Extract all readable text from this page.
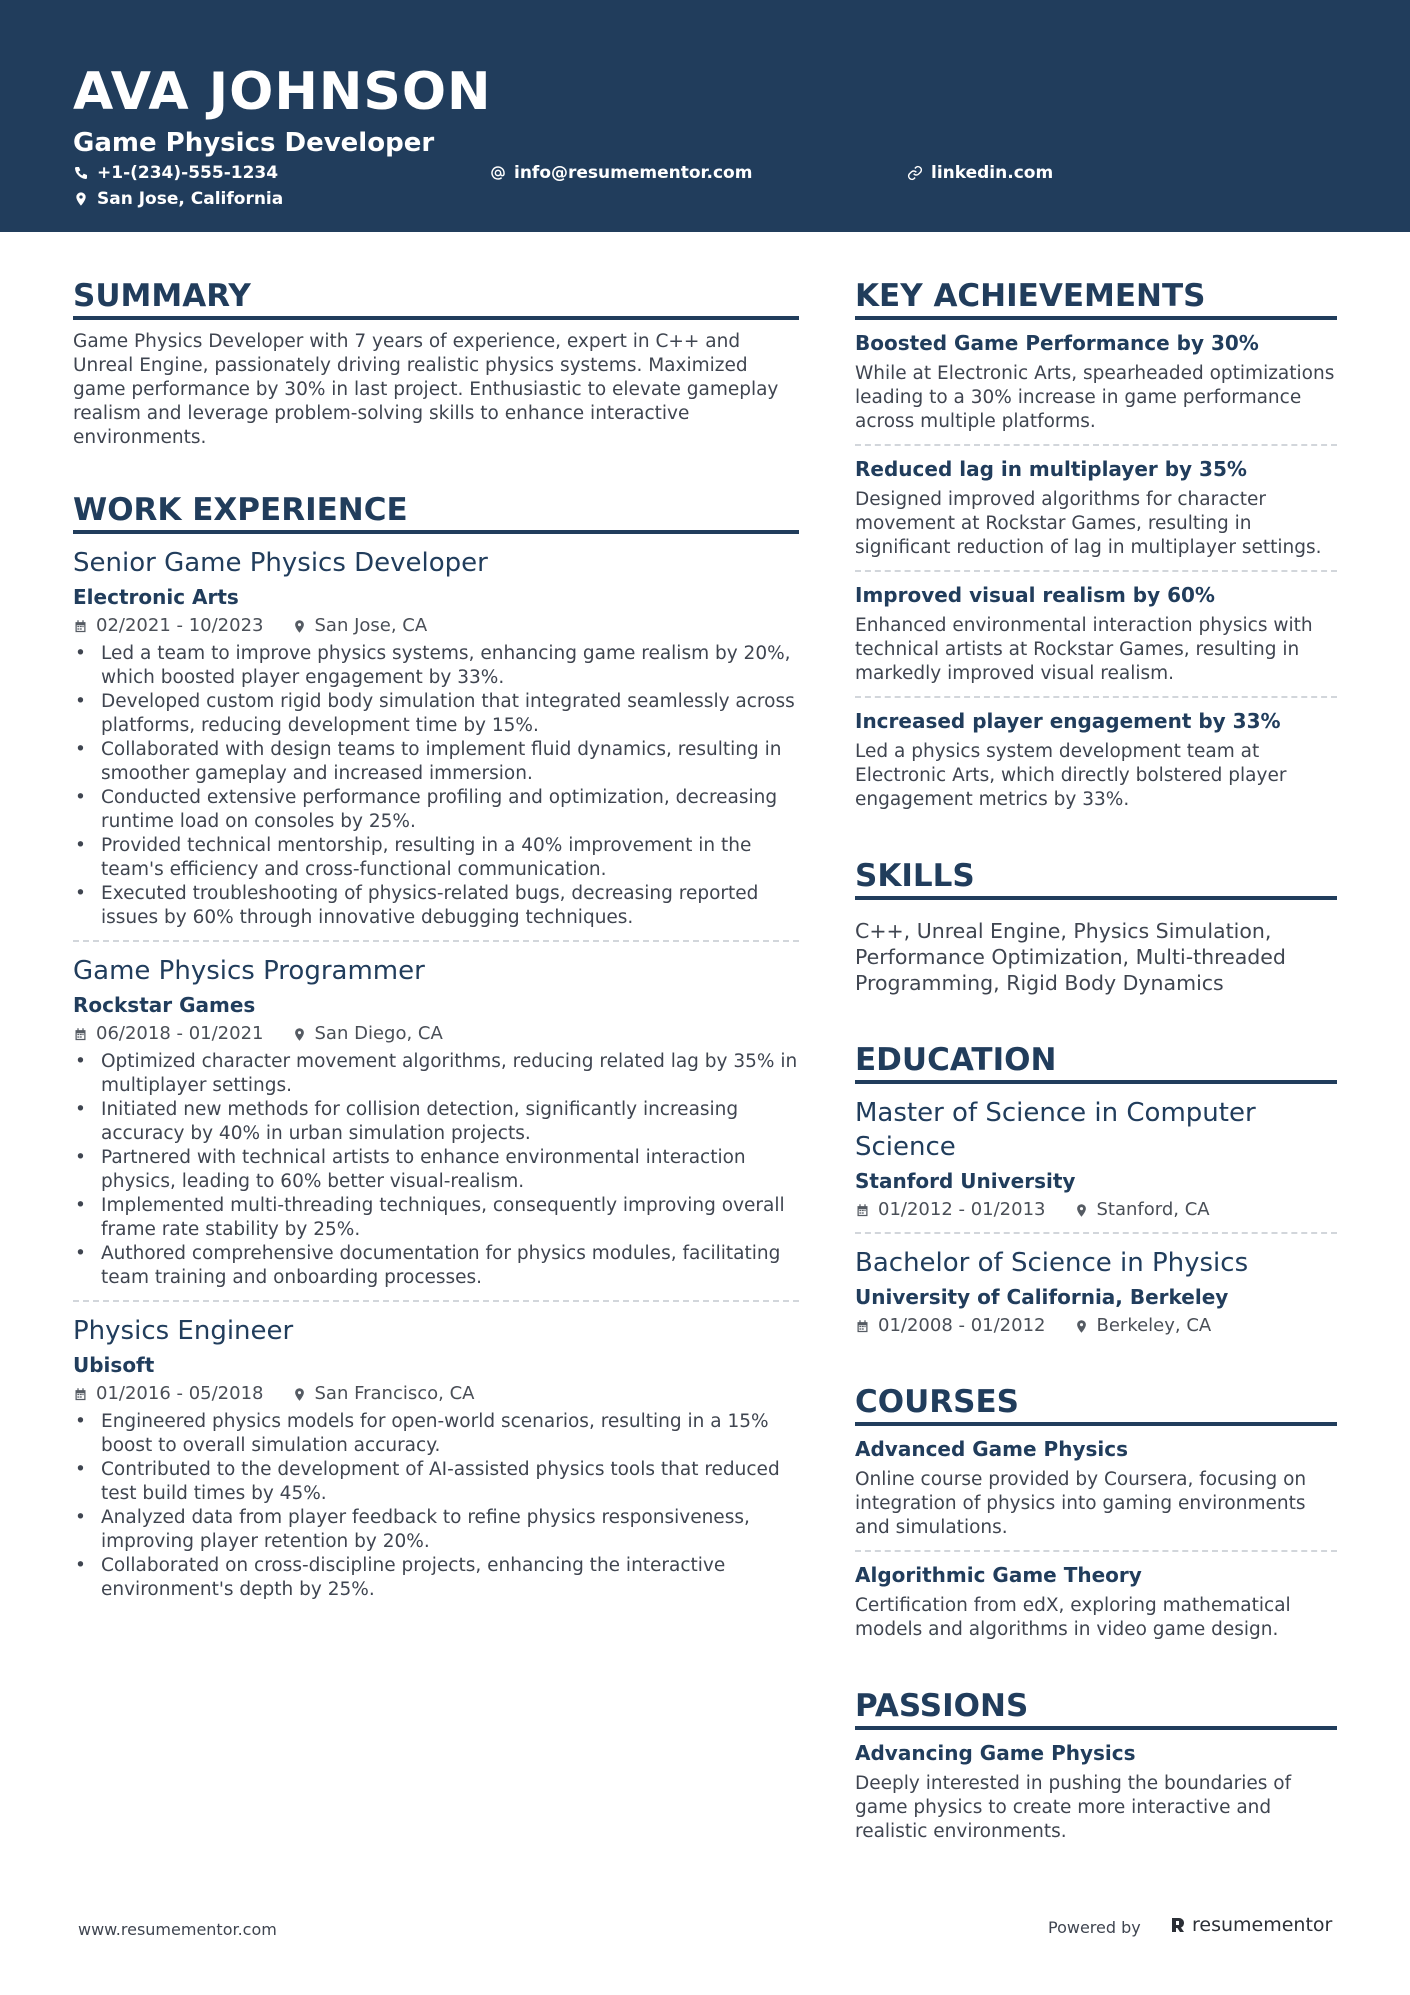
AVA JOHNSON
Game Physics Developer
+1-(234)-555-1234	info@resumementor.com	linkedin.com
San Jose, California
SUMMARY

Game Physics Developer with 7 years of experience, expert in C++ and Unreal Engine, passionately driving realistic physics systems. Maximized game performance by 30% in last project. Enthusiastic to elevate gameplay realism and leverage problem-solving skills to enhance interactive environments.

WORK EXPERIENCE
Senior Game Physics Developer
Electronic Arts
02/2021 - 10/2023	San Jose, CA
• Led a team to improve physics systems, enhancing game realism by 20%, which boosted player engagement by 33%.
• Developed custom rigid body simulation that integrated seamlessly across platforms, reducing development time by 15%.
• Collaborated with design teams to implement fluid dynamics, resulting in smoother gameplay and increased immersion.
• Conducted extensive performance profiling and optimization, decreasing runtime load on consoles by 25%.
• Provided technical mentorship, resulting in a 40% improvement in the team's efficiency and cross-functional communication.
• Executed troubleshooting of physics-related bugs, decreasing reported issues by 60% through innovative debugging techniques.
Game Physics Programmer
Rockstar Games
06/2018 - 01/2021	San Diego, CA
• Optimized character movement algorithms, reducing related lag by 35% in multiplayer settings.
• Initiated new methods for collision detection, significantly increasing accuracy by 40% in urban simulation projects.
• Partnered with technical artists to enhance environmental interaction physics, leading to 60% better visual-realism.
• Implemented multi-threading techniques, consequently improving overall frame rate stability by 25%.
• Authored comprehensive documentation for physics modules, facilitating team training and onboarding processes.
Physics Engineer
Ubisoft
01/2016 - 05/2018	San Francisco, CA
• Engineered physics models for open-world scenarios, resulting in a 15% boost to overall simulation accuracy.
• Contributed to the development of AI-assisted physics tools that reduced test build times by 45%.
• Analyzed data from player feedback to refine physics responsiveness, improving player retention by 20%.
• Collaborated on cross-discipline projects, enhancing the interactive environment's depth by 25%.
KEY ACHIEVEMENTS
Boosted Game Performance by 30%
While at Electronic Arts, spearheaded optimizations leading to a 30% increase in game performance across multiple platforms.
Reduced lag in multiplayer by 35%
Designed improved algorithms for character movement at Rockstar Games, resulting in significant reduction of lag in multiplayer settings.
Improved visual realism by 60%
Enhanced environmental interaction physics with technical artists at Rockstar Games, resulting in markedly improved visual realism.
Increased player engagement by 33%
Led a physics system development team at Electronic Arts, which directly bolstered player engagement metrics by 33%.
SKILLS
C++, Unreal Engine, Physics Simulation, Performance Optimization, Multi-threaded Programming, Rigid Body Dynamics
EDUCATION
Master of Science in Computer Science
Stanford University
01/2012 - 01/2013	Stanford, CA
Bachelor of Science in Physics
University of California, Berkeley
01/2008 - 01/2012	Berkeley, CA
COURSES
Advanced Game Physics
Online course provided by Coursera, focusing on integration of physics into gaming environments and simulations.
Algorithmic Game Theory
Certification from edX, exploring mathematical models and algorithms in video game design.
PASSIONS
Advancing Game Physics
Deeply interested in pushing the boundaries of game physics to create more interactive and realistic environments.
www.resumementor.com	Powered by	resumementor
